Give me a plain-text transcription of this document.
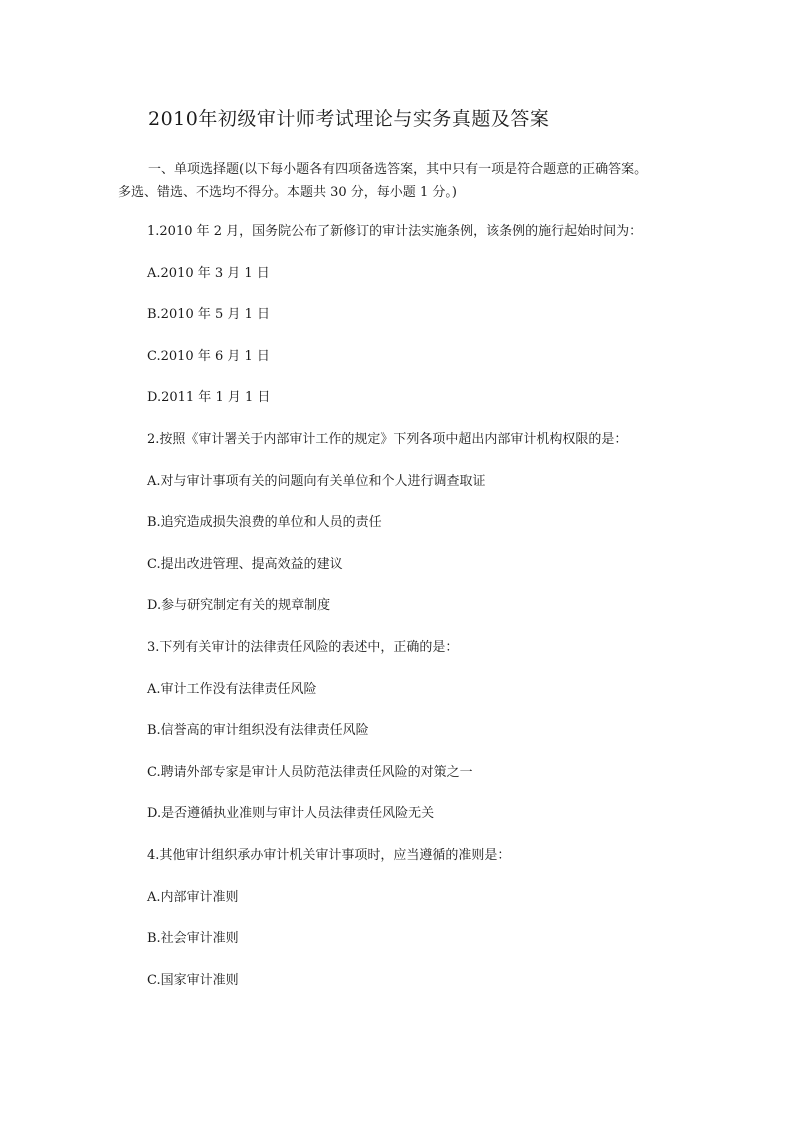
2010年初级审计师考试理论与实务真题及答案
一、单项选择题(以下每小题各有四项备选答案，其中只有一项是符合题意的正确答案。
多选、错选、不选均不得分。本题共 30 分，每小题 1 分。)
1.2010 年 2 月，国务院公布了新修订的审计法实施条例，该条例的施行起始时间为：
A.2010 年 3 月 1 日
B.2010 年 5 月 1 日
C.2010 年 6 月 1 日
D.2011 年 1 月 1 日
2.按照《审计署关于内部审计工作的规定》下列各项中超出内部审计机构权限的是：
A.对与审计事项有关的问题向有关单位和个人进行调查取证
B.追究造成损失浪费的单位和人员的责任
C.提出改进管理、提高效益的建议
D.参与研究制定有关的规章制度
3.下列有关审计的法律责任风险的表述中，正确的是：
A.审计工作没有法律责任风险
B.信誉高的审计组织没有法律责任风险
C.聘请外部专家是审计人员防范法律责任风险的对策之一
D.是否遵循执业准则与审计人员法律责任风险无关
4.其他审计组织承办审计机关审计事项时，应当遵循的准则是：
A.内部审计准则
B.社会审计准则
C.国家审计准则
